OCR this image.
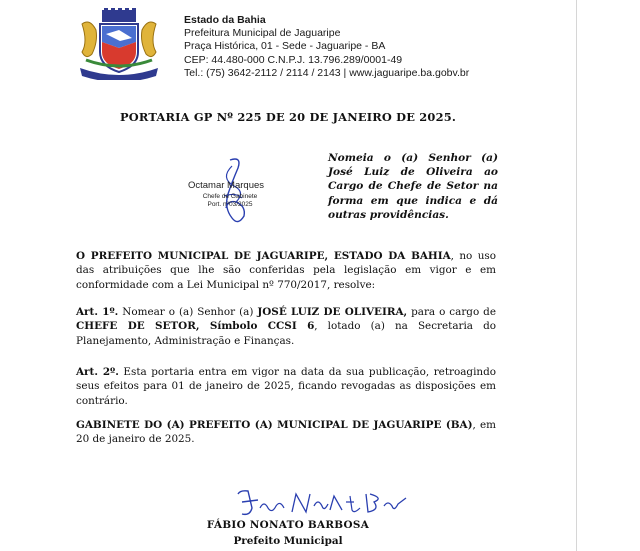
Estado da Bahia
Prefeitura Municipal de Jaguaripe
Praça Histórica, 01 - Sede - Jaguaripe - BA
CEP: 44.480-000 C.N.P.J. 13.796.289/0001-49
Tel.: (75) 3642-2112 / 2114 / 2143 | www.jaguaripe.ba.gobv.br
PORTARIA GP Nº 225 DE 20 DE JANEIRO DE 2025.
Octamar Marques
Chefe de Gabinete
Port. nº03/2025
Nomeia o (a) Senhor (a) José Luiz de Oliveira ao Cargo de Chefe de Setor na forma em que indica e dá outras providências.
O PREFEITO MUNICIPAL DE JAGUARIPE, ESTADO DA BAHIA, no uso das atribuições que lhe são conferidas pela legislação em vigor e em conformidade com a Lei Municipal nº 770/2017, resolve:
Art. 1º. Nomear o (a) Senhor (a) JOSÉ LUIZ DE OLIVEIRA, para o cargo de CHEFE DE SETOR, Símbolo CCSI 6, lotado (a) na Secretaria do Planejamento, Administração e Finanças.
Art. 2º. Esta portaria entra em vigor na data da sua publicação, retroagindo seus efeitos para 01 de janeiro de 2025, ficando revogadas as disposições em contrário.
GABINETE DO (A) PREFEITO (A) MUNICIPAL DE JAGUARIPE (BA), em 20 de janeiro de 2025.
FÁBIO NONATO BARBOSA
Prefeito Municipal
